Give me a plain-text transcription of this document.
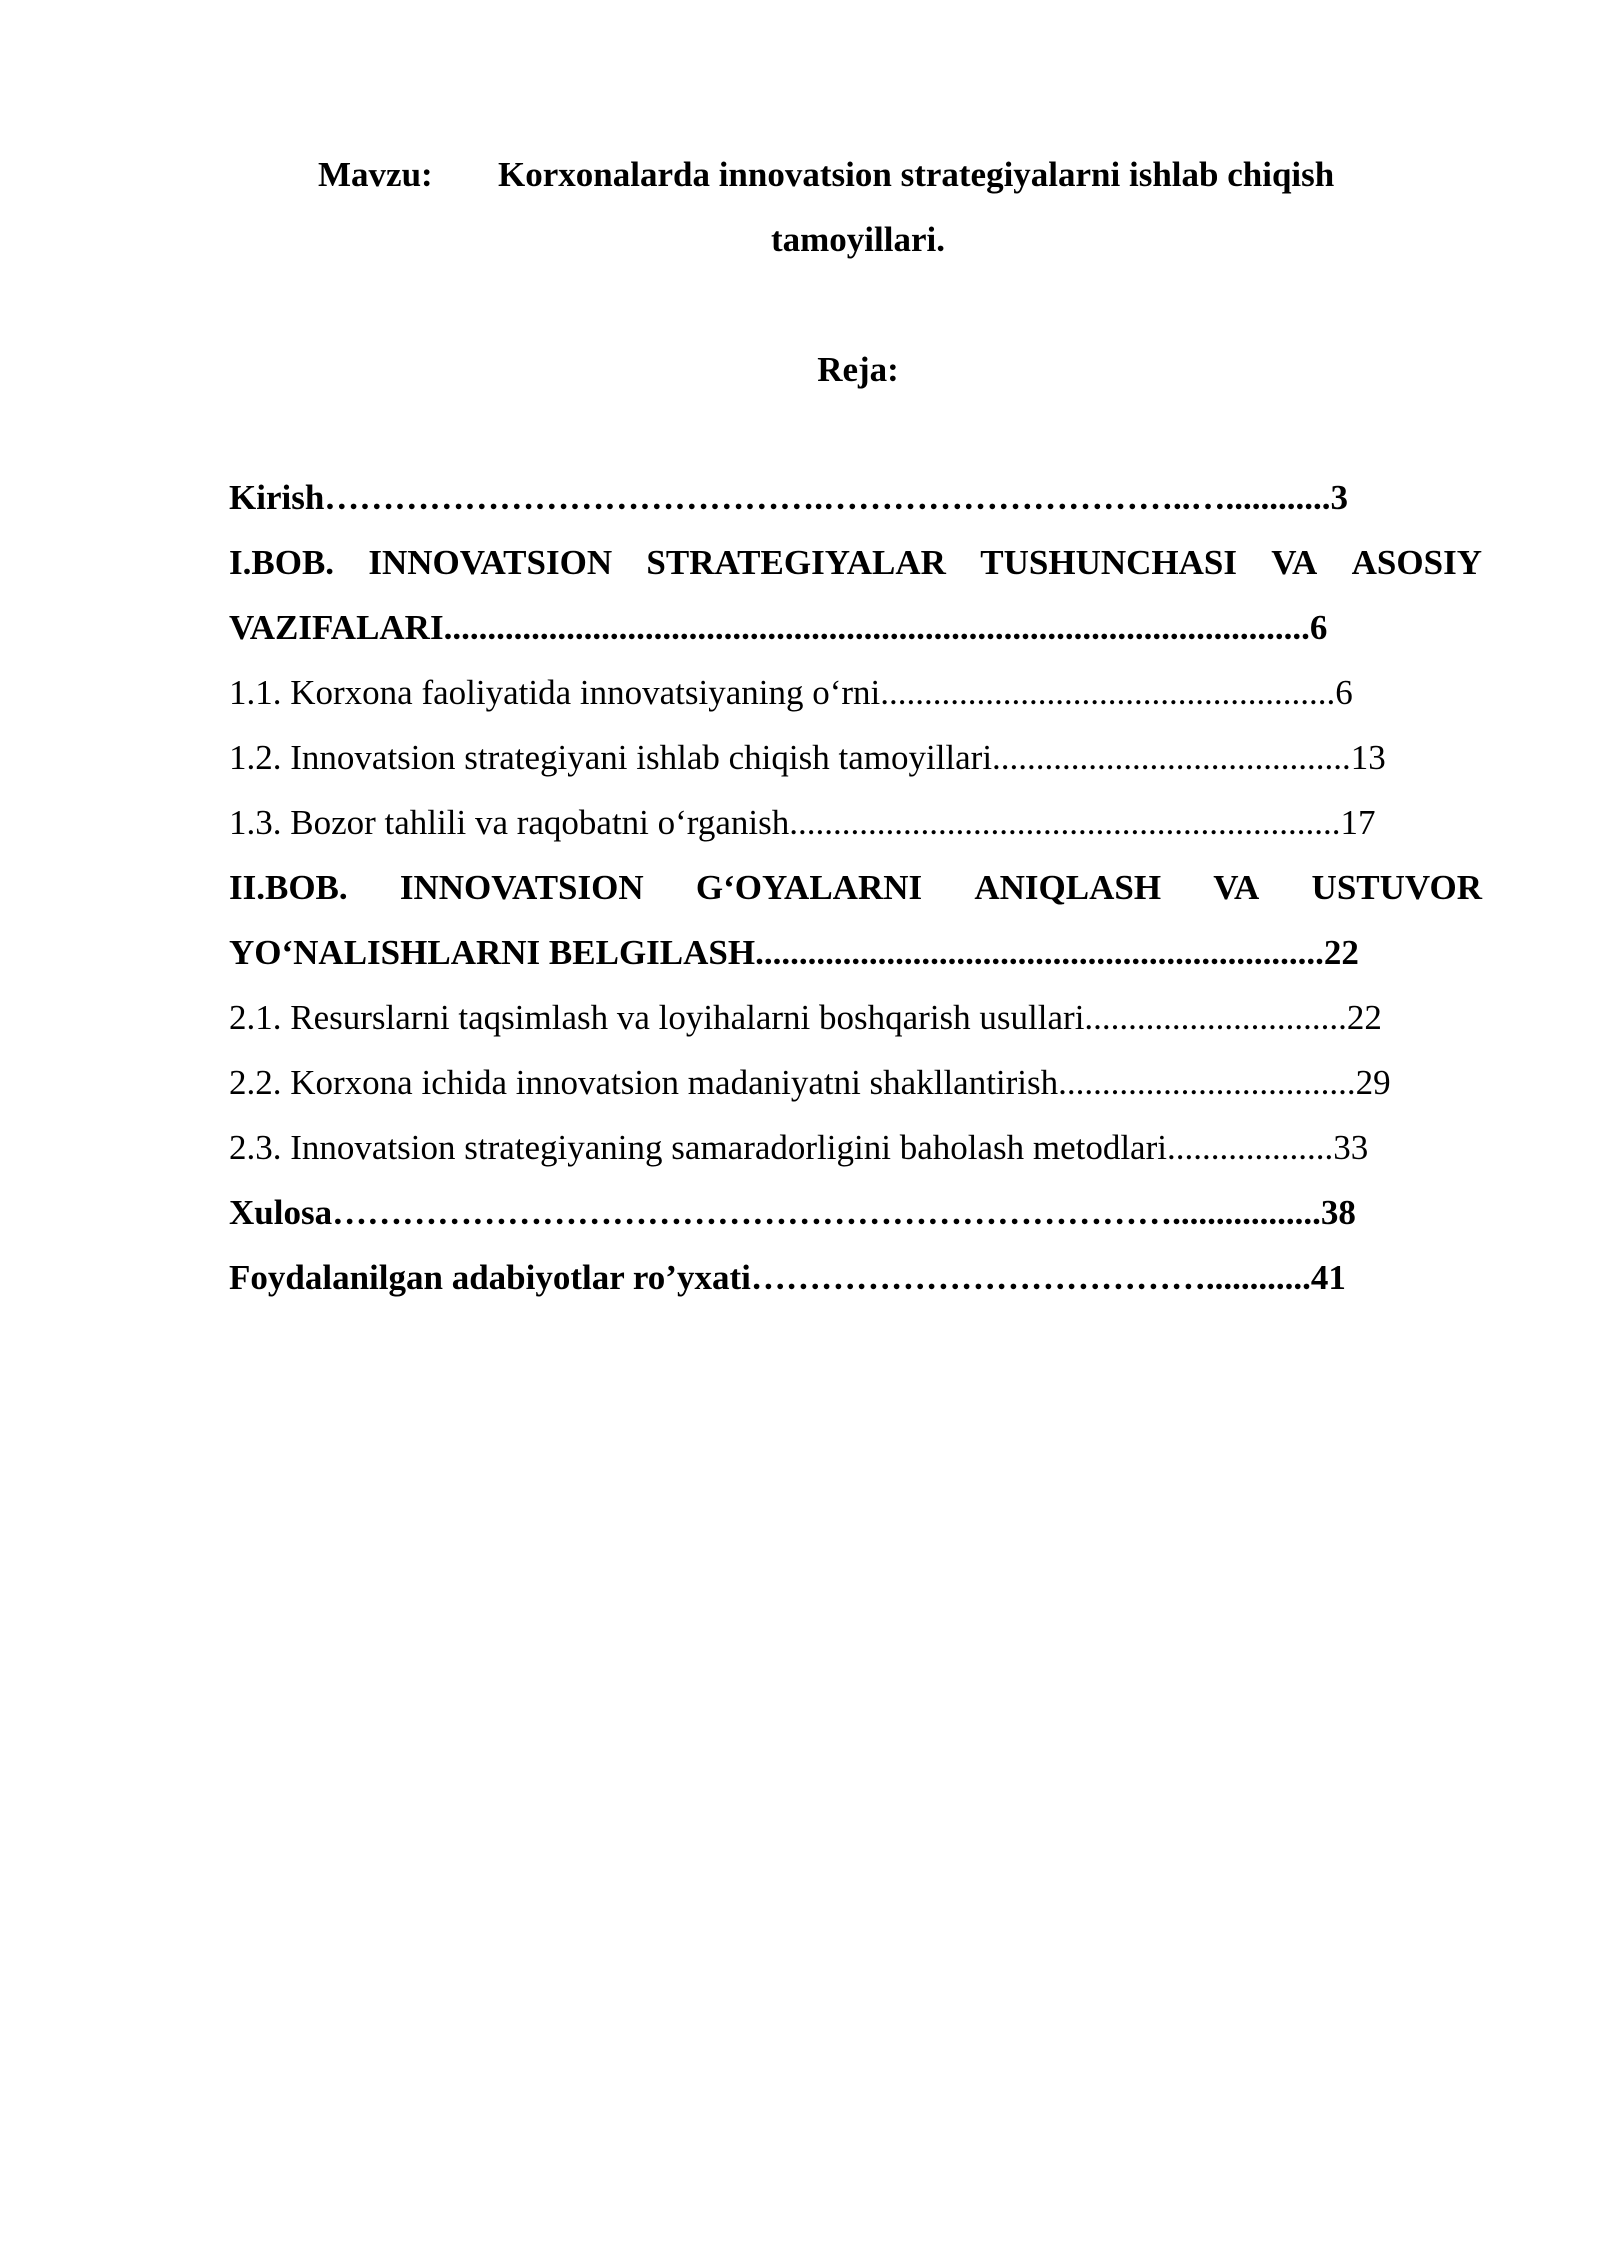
Mavzu: Korxonalarda innovatsion strategiyalarni ishlab chiqish
tamoyillari.
Reja:
Kirish…………………………………….…………………………..…............3
I.BOB. INNOVATSION STRATEGIYALAR TUSHUNCHASI VA ASOSIY
VAZIFALARI...................................................................................................6
1.1. Korxona faoliyatida innovatsiyaning o‘rni....................................................6
1.2. Innovatsion strategiyani ishlab chiqish tamoyillari.........................................13
1.3. Bozor tahlili va raqobatni o‘rganish...............................................................17
II.BOB. INNOVATSION G‘OYALARNI ANIQLASH VA USTUVOR
YO‘NALISHLARNI BELGILASH.................................................................22
2.1. Resurslarni taqsimlash va loyihalarni boshqarish usullari..............................22
2.2. Korxona ichida innovatsion madaniyatni shakllantirish..................................29
2.3. Innovatsion strategiyaning samaradorligini baholash metodlari...................33
Xulosa……………………………………………………………….................38
Foydalanilgan adabiyotlar ro’yxati…………………………………............41
